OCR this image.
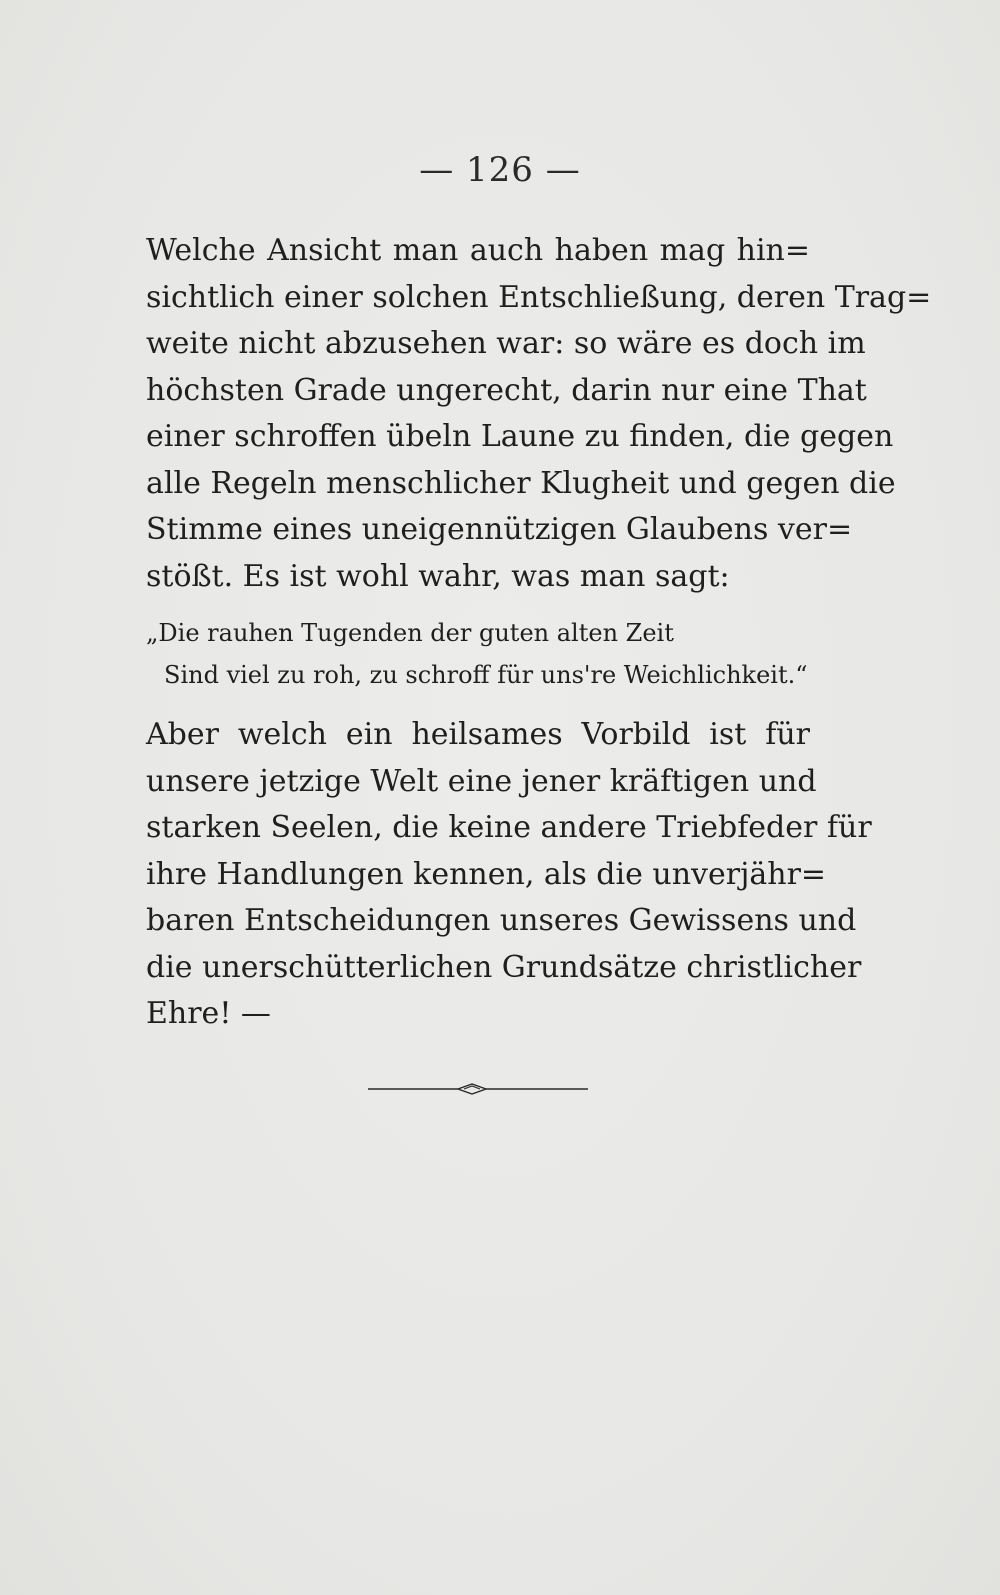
— 126 —
Welche Ansicht man auch haben mag hin=
sichtlich einer solchen Entschließung, deren Trag=
weite nicht abzusehen war: so wäre es doch im
höchsten Grade ungerecht, darin nur eine That
einer schroffen übeln Laune zu finden, die gegen
alle Regeln menschlicher Klugheit und gegen die
Stimme eines uneigennützigen Glaubens ver=
stößt. Es ist wohl wahr, was man sagt:
„Die rauhen Tugenden der guten alten Zeit
Sind viel zu roh, zu schroff für uns're Weichlichkeit.“
Aber welch ein heilsames Vorbild ist für
unsere jetzige Welt eine jener kräftigen und
starken Seelen, die keine andere Triebfeder für
ihre Handlungen kennen, als die unverjähr=
baren Entscheidungen unseres Gewissens und
die unerschütterlichen Grundsätze christlicher
Ehre! —
